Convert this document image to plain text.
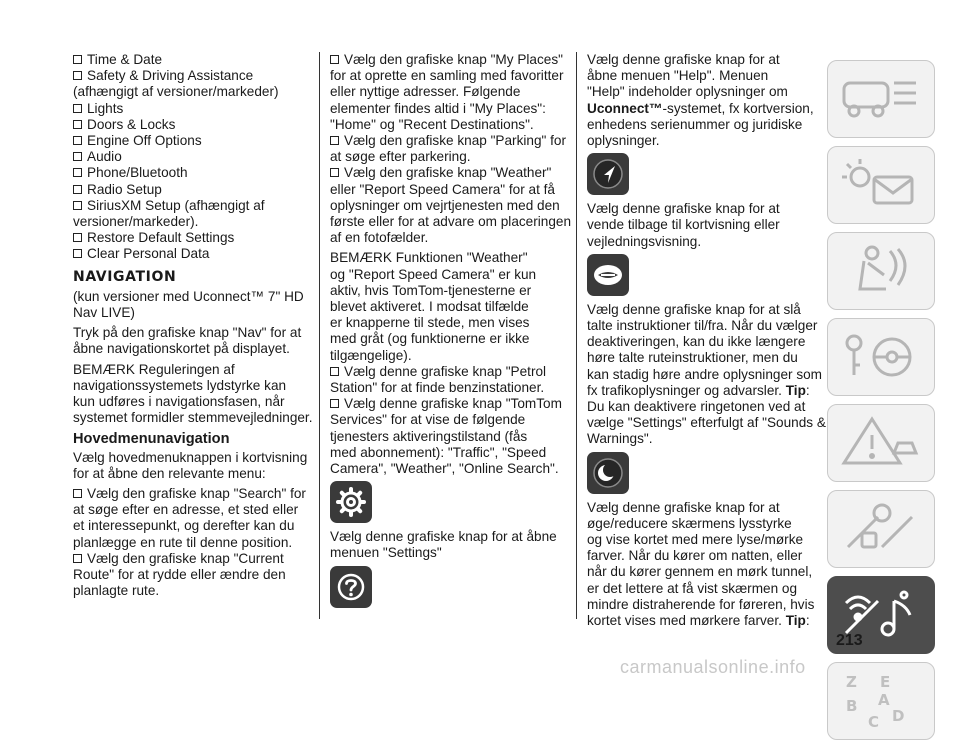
Time & Date
Safety & Driving Assistance
(afhængigt af versioner/markeder)
Lights
Doors & Locks
Engine Off Options
Audio
Phone/Bluetooth
Radio Setup
SiriusXM Setup (afhængigt af
versioner/markeder).
Restore Default Settings
Clear Personal Data
NAVIGATION
(kun versioner med Uconnect™ 7" HD
Nav LIVE)
Tryk på den grafiske knap "Nav" for at
åbne navigationskortet på displayet.
BEMÆRK Reguleringen af
navigationssystemets lydstyrke kan
kun udføres i navigationsfasen, når
systemet formidler stemmevejledninger.
Hovedmenunavigation
Vælg hovedmenuknappen i kortvisning
for at åbne den relevante menu:
Vælg den grafiske knap "Search" for
at søge efter en adresse, et sted eller
et interessepunkt, og derefter kan du
planlægge en rute til denne position.
Vælg den grafiske knap "Current
Route" for at rydde eller ændre den
planlagte rute.
Vælg den grafiske knap "My Places"
for at oprette en samling med favoritter
eller nyttige adresser. Følgende
elementer findes altid i "My Places":
"Home" og "Recent Destinations".
Vælg den grafiske knap "Parking" for
at søge efter parkering.
Vælg den grafiske knap "Weather"
eller "Report Speed Camera" for at få
oplysninger om vejrtjenesten med den
første eller for at advare om placeringen
af en fotofælder.
BEMÆRK Funktionen "Weather"
og "Report Speed Camera" er kun
aktiv, hvis TomTom-tjenesterne er
blevet aktiveret. I modsat tilfælde
er knapperne til stede, men vises
med gråt (og funktionerne er ikke
tilgængelige).
Vælg denne grafiske knap "Petrol
Station" for at finde benzinstationer.
Vælg denne grafiske knap "TomTom
Services" for at vise de følgende
tjenesters aktiveringstilstand (fås
med abonnement): "Traffic", "Speed
Camera", "Weather", "Online Search".
Vælg denne grafiske knap for at åbne
menuen "Settings"
Vælg denne grafiske knap for at
åbne menuen "Help". Menuen
"Help" indeholder oplysninger om
Uconnect™-systemet, fx kortversion,
enhedens serienummer og juridiske
oplysninger.
Vælg denne grafiske knap for at
vende tilbage til kortvisning eller
vejledningsvisning.
Vælg denne grafiske knap for at slå
talte instruktioner til/fra. Når du vælger
deaktiveringen, kan du ikke længere
høre talte ruteinstruktioner, men du
kan stadig høre andre oplysninger som
fx trafikoplysninger og advarsler. Tip:
Du kan deaktivere ringetonen ved at
vælge "Settings" efterfulgt af "Sounds &
Warnings".
Vælg denne grafiske knap for at
øge/reducere skærmens lysstyrke
og vise kortet med mere lyse/mørke
farver. Når du kører om natten, eller
når du kører gennem en mørk tunnel,
er det lettere at få vist skærmen og
mindre distraherende for føreren, hvis
kortet vises med mørkere farver. Tip:
Z E
B A
C D
213
carmanualsonline.info
